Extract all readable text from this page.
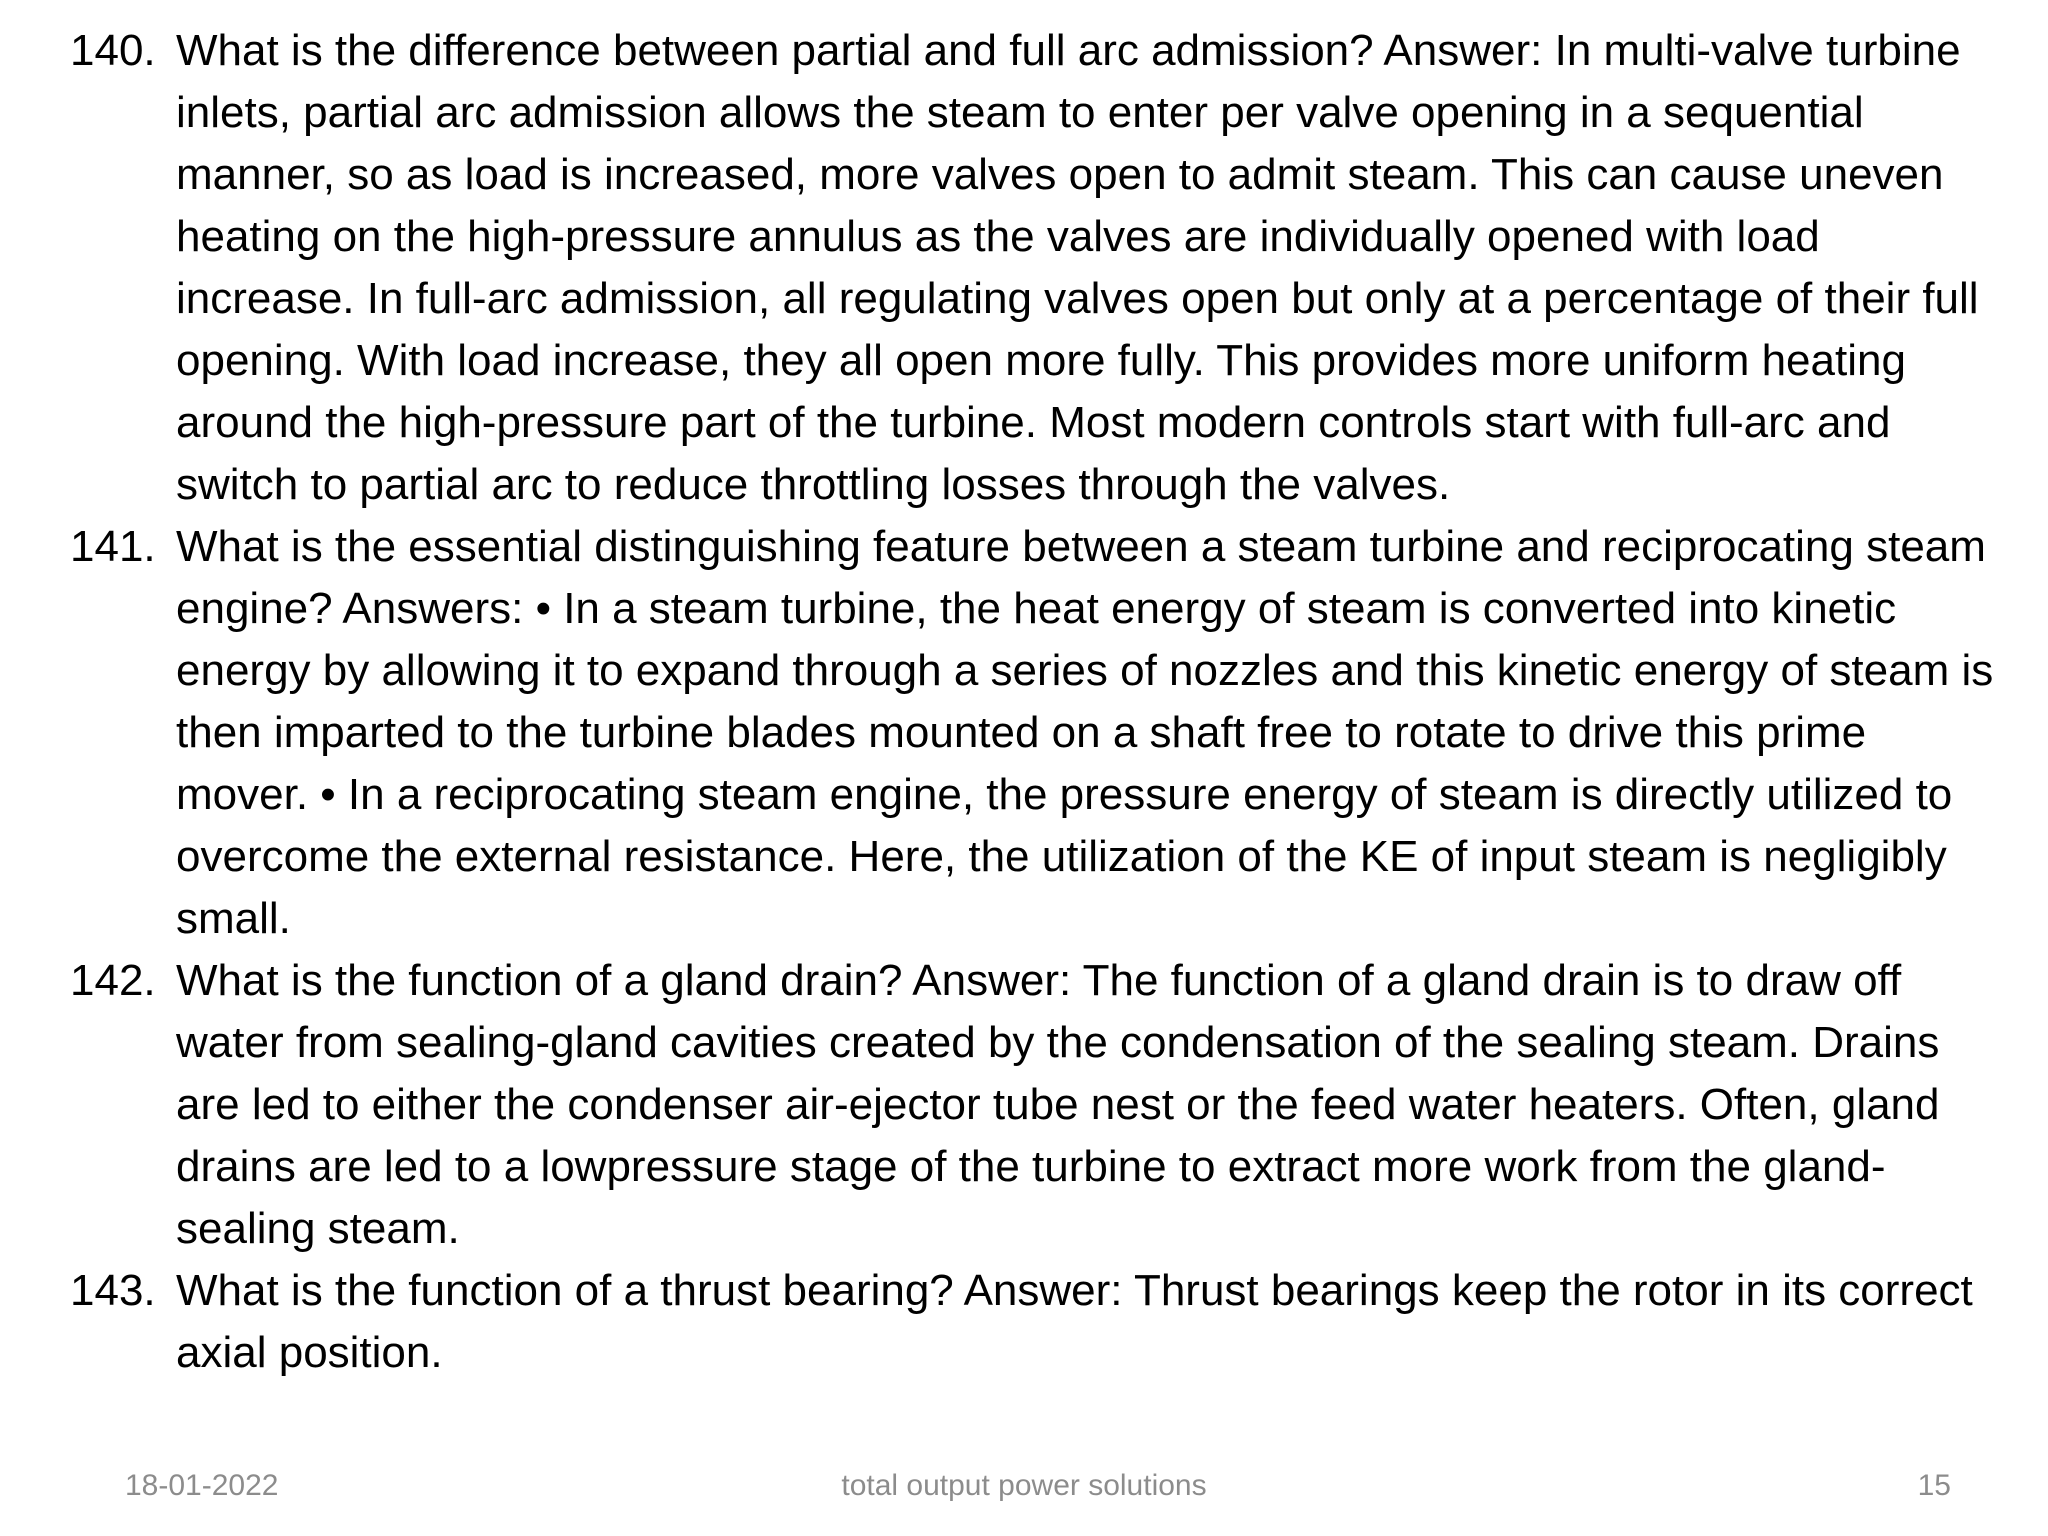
140. What is the difference between partial and full arc admission? Answer: In multi-valve turbine inlets, partial arc admission allows the steam to enter per valve opening in a sequential manner, so as load is increased, more valves open to admit steam. This can cause uneven heating on the high-pressure annulus as the valves are individually opened with load increase. In full-arc admission, all regulating valves open but only at a percentage of their full opening. With load increase, they all open more fully. This provides more uniform heating around the high-pressure part of the turbine. Most modern controls start with full-arc and switch to partial arc to reduce throttling losses through the valves.
141. What is the essential distinguishing feature between a steam turbine and reciprocating steam engine? Answers: • In a steam turbine, the heat energy of steam is converted into kinetic energy by allowing it to expand through a series of nozzles and this kinetic energy of steam is then imparted to the turbine blades mounted on a shaft free to rotate to drive this prime mover. • In a reciprocating steam engine, the pressure energy of steam is directly utilized to overcome the external resistance. Here, the utilization of the KE of input steam is negligibly small.
142. What is the function of a gland drain? Answer: The function of a gland drain is to draw off water from sealing-gland cavities created by the condensation of the sealing steam. Drains are led to either the condenser air-ejector tube nest or the feed water heaters. Often, gland drains are led to a lowpressure stage of the turbine to extract more work from the gland-sealing steam.
143. What is the function of a thrust bearing? Answer: Thrust bearings keep the rotor in its correct axial position.
18-01-2022	total output power solutions	15
